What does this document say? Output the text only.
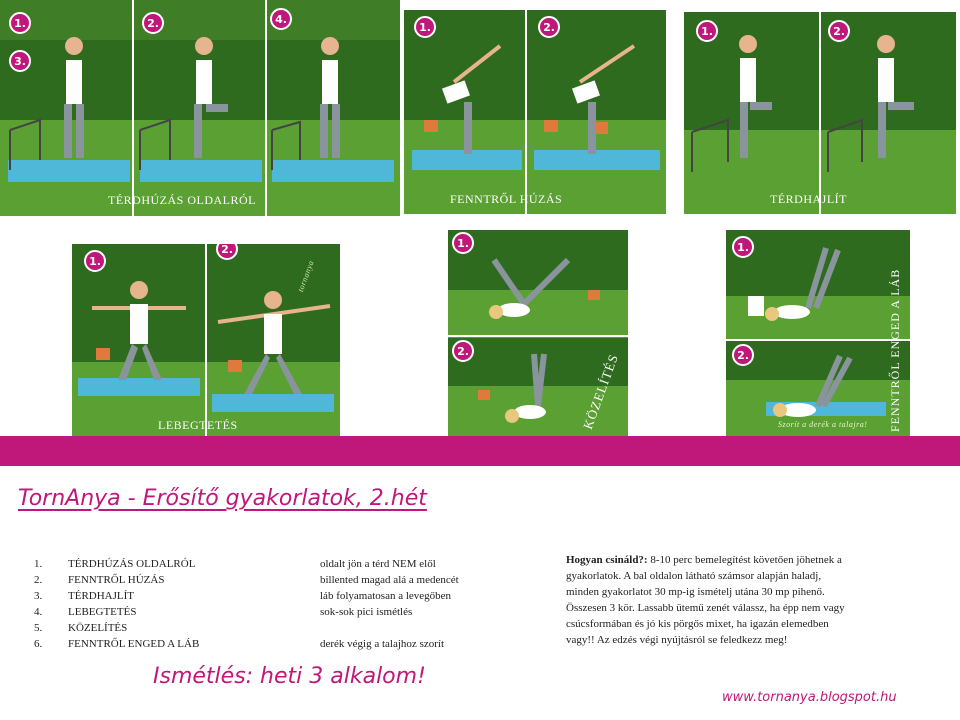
1.	2.	4.
3.
TÉRDHÚZÁS OLDALRÓL
1.	2.
FENNTRŐL HÚZÁS
1.	2.
TÉRDHAJLÍT
1.
2.
tornanya
LEBEGTETÉS
1.
2.
KÖZELÍTÉS
1.
2.
Szorít a derék a talajra! FENNTRŐL ENGED A LÁB
TornAnya - Erősítő gyakorlatok, 2.hét
1.	TÉRDHÚZÁS OLDALRÓL	oldalt jön a térd NEM elől
2.	FENNTRŐL HÚZÁS	billented magad alá a medencét
3.	TÉRDHAJLÍT	láb folyamatosan a levegőben
4.	LEBEGTETÉS	sok-sok pici ismétlés
5.	KÖZELÍTÉS
6.	FENNTRŐL ENGED A LÁB	derék végig a talajhoz szorít
Hogyan csináld?: 8-10 perc bemelegítést követően jöhetnek a gyakorlatok. A bal oldalon látható számsor alapján haladj, minden gyakorlatot 30 mp-ig ismételj utána 30 mp pihenő. Összesen 3 kör. Lassabb ütemű zenét válassz, ha épp nem vagy csúcsformában és jó kis pörgős mixet, ha igazán elemedben vagy!! Az edzés végi nyújtásról se feledkezz meg!
Ismétlés: heti 3 alkalom!
www.tornanya.blogspot.hu
